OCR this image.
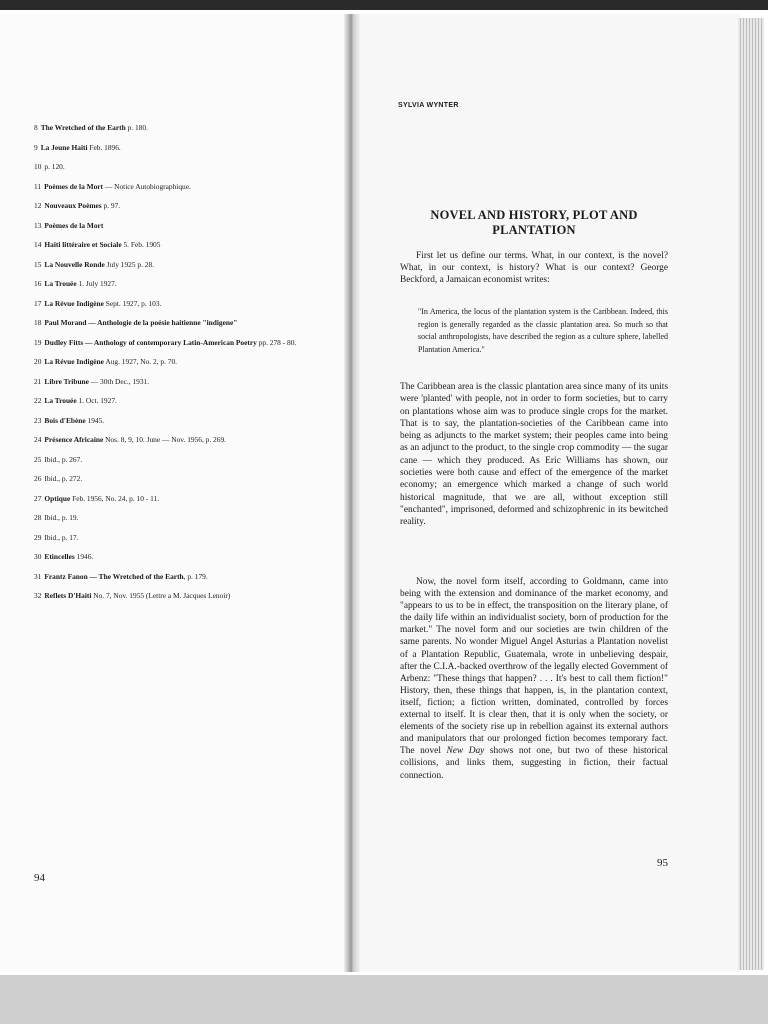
8 The Wretched of the Earth p. 180.
9 La Jeune Haiti Feb. 1896.
10 p. 120.
11 Poèmes de la Mort — Notice Autobiographique.
12 Nouveaux Poèmes p. 97.
13 Poèmes de la Mort
14 Haiti littéraire et Sociale 5. Feb. 1905
15 La Nouvelle Ronde July 1925 p. 28.
16 La Trouée 1. July 1927.
17 La Révue Indigène Sept. 1927, p. 103.
18 Paul Morand — Anthologie de la poésie haitienne "indigene"
19 Dudley Fitts — Anthology of contemporary Latin-American Poetry pp. 278 - 80.
20 La Révue Indigène Aug. 1927, No. 2, p. 70.
21 Libre Tribune — 30th Dec., 1931.
22 La Trouée 1. Oct. 1927.
23 Bois d'Ebène 1945.
24 Présence Africaine Nos. 8, 9, 10. June — Nov. 1956, p. 269.
25 Ibid., p. 267.
26 Ibid., p. 272.
27 Optique Feb. 1956, No. 24, p. 10 - 11.
28 Ibid., p. 19.
29 Ibid., p. 17.
30 Etincelles 1946.
31 Frantz Fanon — The Wretched of the Earth, p. 179.
32 Reflets D'Haiti No. 7, Nov. 1955 (Lettre a M. Jacques Lenoir)
94
SYLVIA WYNTER
NOVEL AND HISTORY, PLOT AND PLANTATION

First let us define our terms. What, in our context, is the novel? What, in our context, is history? What is our context? George Beckford, a Jamaican economist writes:

"In America, the locus of the plantation system is the Caribbean. Indeed, this region is generally regarded as the classic plantation area. So much so that social anthropologists, have described the region as a culture sphere, labelled Plantation America."

The Caribbean area is the classic plantation area since many of its units were 'planted' with people, not in order to form societies, but to carry on plantations whose aim was to produce single crops for the market. That is to say, the plantation-societies of the Caribbean came into being as adjuncts to the market system; their peoples came into being as an adjunct to the product, to the single crop commodity — the sugar cane — which they produced. As Eric Williams has shown, our societies were both cause and effect of the emergence of the market economy; an emergence which marked a change of such world historical magnitude, that we are all, without exception still "enchanted", imprisoned, deformed and schizophrenic in its bewitched reality.

Now, the novel form itself, according to Goldmann, came into being with the extension and dominance of the market economy, and "appears to us to be in effect, the transposition on the literary plane, of the daily life within an individualist society, born of production for the market." The novel form and our societies are twin children of the same parents. No wonder Miguel Angel Asturias a Plantation novelist of a Plantation Republic, Guatemala, wrote in unbelieving despair, after the C.I.A.-backed overthrow of the legally elected Government of Arbenz: "These things that happen? . . . It's best to call them fiction!" History, then, these things that happen, is, in the plantation context, itself, fiction; a fiction written, dominated, controlled by forces external to itself. It is clear then, that it is only when the society, or elements of the society rise up in rebellion against its external authors and manipulators that our prolonged fiction becomes temporary fact. The novel New Day shows not one, but two of these historical collisions, and links them, suggesting in fiction, their factual connection.

95
